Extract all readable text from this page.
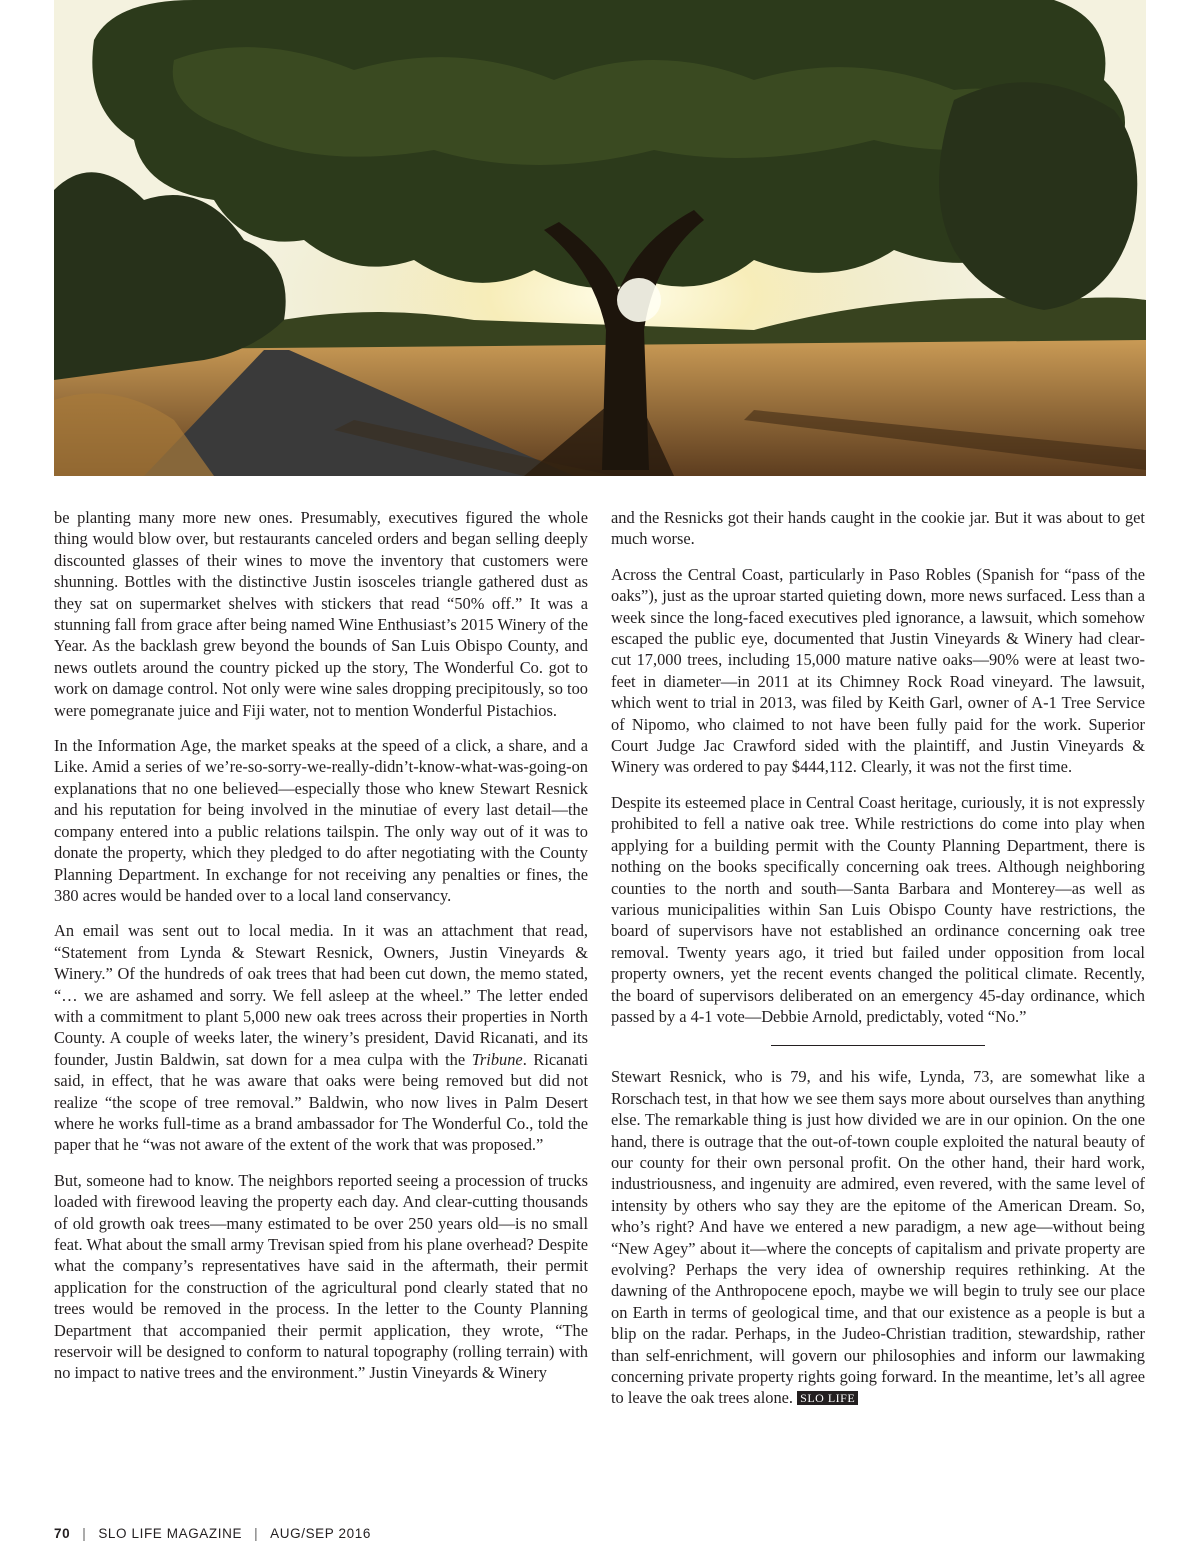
be planting many more new ones. Presumably, executives figured the whole thing would blow over, but restaurants canceled orders and began selling deeply discounted glasses of their wines to move the inventory that customers were shunning. Bottles with the distinctive Justin isosceles triangle gathered dust as they sat on supermarket shelves with stickers that read “50% off.” It was a stunning fall from grace after being named Wine Enthusiast’s 2015 Winery of the Year. As the backlash grew beyond the bounds of San Luis Obispo County, and news outlets around the country picked up the story, The Wonderful Co. got to work on damage control. Not only were wine sales dropping precipitously, so too were pomegranate juice and Fiji water, not to mention Wonderful Pistachios.

In the Information Age, the market speaks at the speed of a click, a share, and a Like. Amid a series of we’re-so-sorry-we-really-didn’t-know-what-was-going-on explanations that no one believed—especially those who knew Stewart Resnick and his reputation for being involved in the minutiae of every last detail—the company entered into a public relations tailspin. The only way out of it was to donate the property, which they pledged to do after negotiating with the County Planning Department. In exchange for not receiving any penalties or fines, the 380 acres would be handed over to a local land conservancy.

An email was sent out to local media. In it was an attachment that read, “Statement from Lynda & Stewart Resnick, Owners, Justin Vineyards & Winery.” Of the hundreds of oak trees that had been cut down, the memo stated, “… we are ashamed and sorry. We fell asleep at the wheel.” The letter ended with a commitment to plant 5,000 new oak trees across their properties in North County. A couple of weeks later, the winery’s president, David Ricanati, and its founder, Justin Baldwin, sat down for a mea culpa with the Tribune. Ricanati said, in effect, that he was aware that oaks were being removed but did not realize “the scope of tree removal.” Baldwin, who now lives in Palm Desert where he works full-time as a brand ambassador for The Wonderful Co., told the paper that he “was not aware of the extent of the work that was proposed.”

But, someone had to know. The neighbors reported seeing a procession of trucks loaded with firewood leaving the property each day. And clear-cutting thousands of old growth oak trees—many estimated to be over 250 years old—is no small feat. What about the small army Trevisan spied from his plane overhead? Despite what the company’s representatives have said in the aftermath, their permit application for the construction of the agricultural pond clearly stated that no trees would be removed in the process. In the letter to the County Planning Department that accompanied their permit application, they wrote, “The reservoir will be designed to conform to natural topography (rolling terrain) with no impact to native trees and the environment.” Justin Vineyards & Winery

and the Resnicks got their hands caught in the cookie jar. But it was about to get much worse.

Across the Central Coast, particularly in Paso Robles (Spanish for “pass of the oaks”), just as the uproar started quieting down, more news surfaced. Less than a week since the long-faced executives pled ignorance, a lawsuit, which somehow escaped the public eye, documented that Justin Vineyards & Winery had clear-cut 17,000 trees, including 15,000 mature native oaks—90% were at least two-feet in diameter—in 2011 at its Chimney Rock Road vineyard. The lawsuit, which went to trial in 2013, was filed by Keith Garl, owner of A-1 Tree Service of Nipomo, who claimed to not have been fully paid for the work. Superior Court Judge Jac Crawford sided with the plaintiff, and Justin Vineyards & Winery was ordered to pay $444,112. Clearly, it was not the first time.

Despite its esteemed place in Central Coast heritage, curiously, it is not expressly prohibited to fell a native oak tree. While restrictions do come into play when applying for a building permit with the County Planning Department, there is nothing on the books specifically concerning oak trees. Although neighboring counties to the north and south—Santa Barbara and Monterey—as well as various municipalities within San Luis Obispo County have restrictions, the board of supervisors have not established an ordinance concerning oak tree removal. Twenty years ago, it tried but failed under opposition from local property owners, yet the recent events changed the political climate. Recently, the board of supervisors deliberated on an emergency 45-day ordinance, which passed by a 4-1 vote—Debbie Arnold, predictably, voted “No.”

Stewart Resnick, who is 79, and his wife, Lynda, 73, are somewhat like a Rorschach test, in that how we see them says more about ourselves than anything else. The remarkable thing is just how divided we are in our opinion. On the one hand, there is outrage that the out-of-town couple exploited the natural beauty of our county for their own personal profit. On the other hand, their hard work, industriousness, and ingenuity are admired, even revered, with the same level of intensity by others who say they are the epitome of the American Dream. So, who’s right? And have we entered a new paradigm, a new age—without being “New Agey” about it—where the concepts of capitalism and private property are evolving? Perhaps the very idea of ownership requires rethinking. At the dawning of the Anthropocene epoch, maybe we will begin to truly see our place on Earth in terms of geological time, and that our existence as a people is but a blip on the radar. Perhaps, in the Judeo-Christian tradition, stewardship, rather than self-enrichment, will govern our philosophies and inform our lawmaking concerning private property rights going forward. In the meantime, let’s all agree to leave the oak trees alone. SLO LIFE

70 | SLO LIFE MAGAZINE | AUG/SEP 2016
